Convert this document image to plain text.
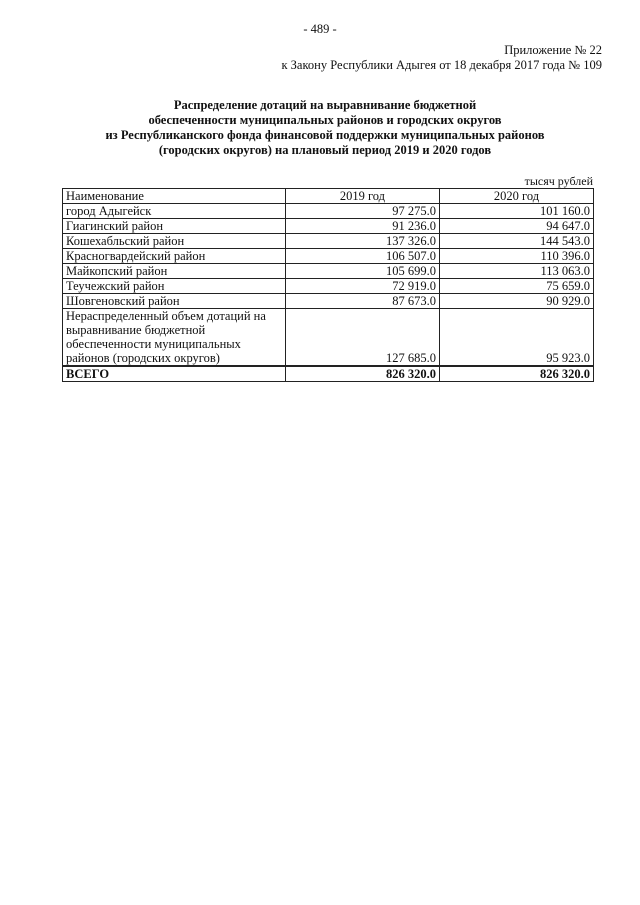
- 489 -
Приложение № 22
к Закону Республики Адыгея от 18 декабря 2017 года № 109
Распределение дотаций на выравнивание бюджетной
обеспеченности муниципальных районов и городских округов
из Республиканского фонда финансовой поддержки муниципальных районов
(городских округов) на плановый период 2019 и 2020 годов
тысяч рублей
Наименование	2019 год	2020 год
город Адыгейск	97 275.0	101 160.0
Гиагинский район	91 236.0	94 647.0
Кошехабльский район	137 326.0	144 543.0
Красногвардейский район	106 507.0	110 396.0
Майкопский район	105 699.0	113 063.0
Теучежский район	72 919.0	75 659.0
Шовгеновский район	87 673.0	90 929.0

Нераспределенный объем дотаций на
выравнивание бюджетной
обеспеченности муниципальных
районов (городских округов)	127 685.0	95 923.0
ВСЕГО	826 320.0	826 320.0
